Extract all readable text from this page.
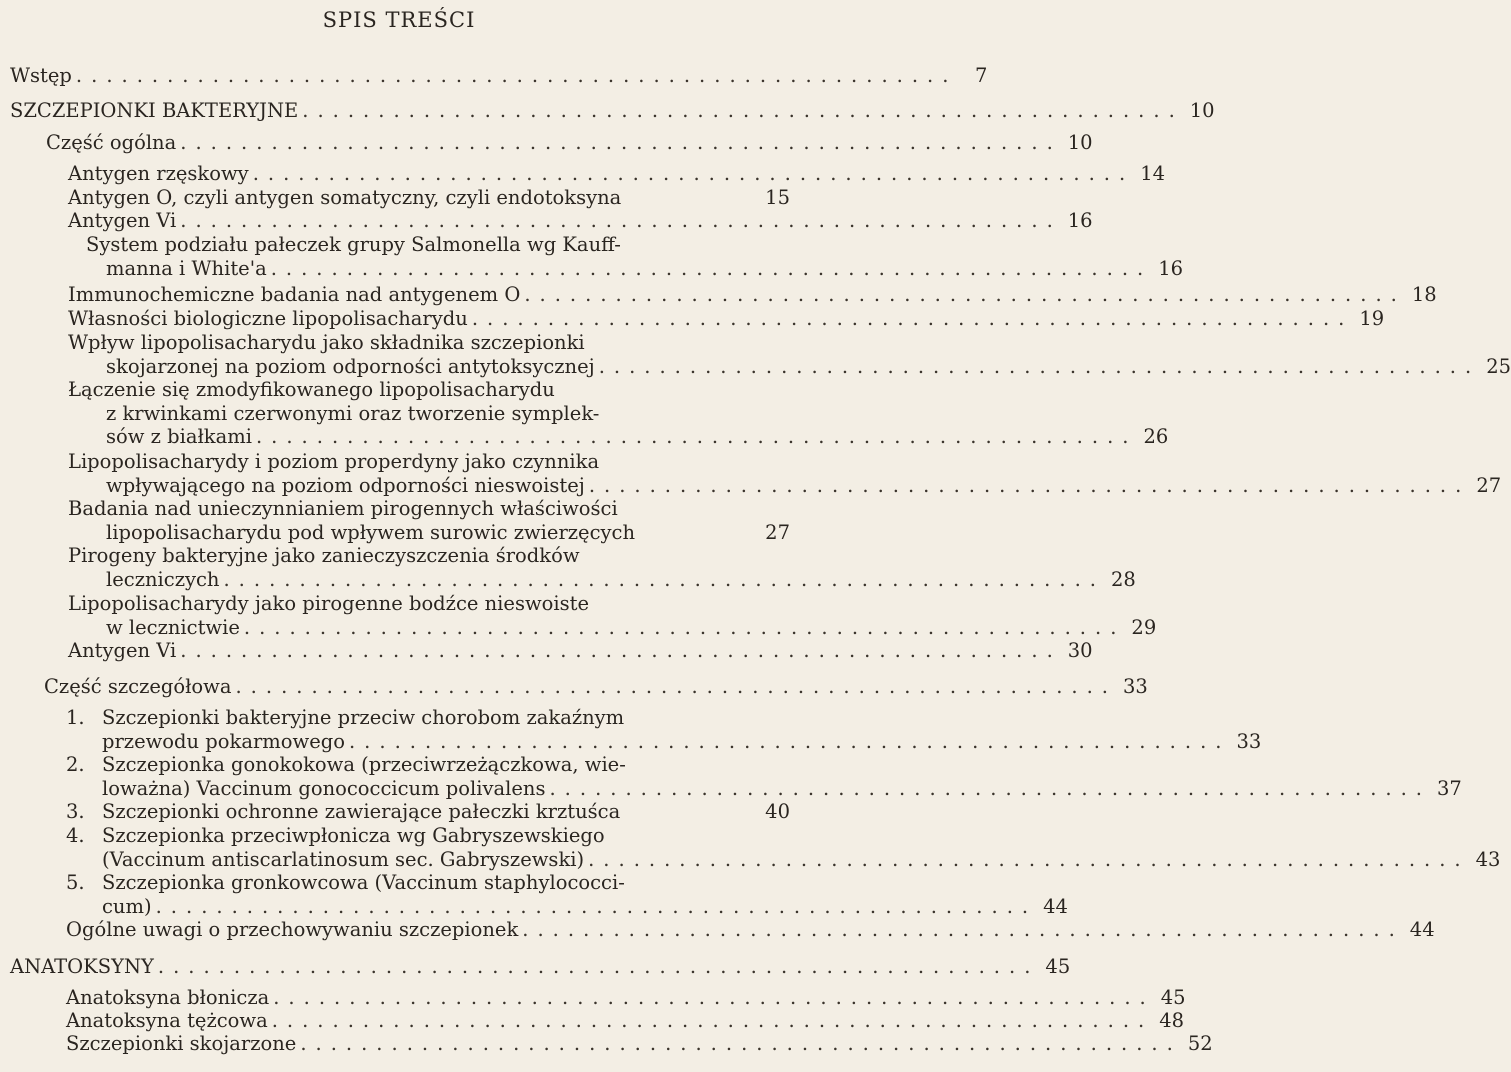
SPIS TREŚCI
Wstęp .......................................................... 7
SZCZEPIONKI BAKTERYJNE .......................................................... 10
Część ogólna .......................................................... 10
Antygen rzęskowy .......................................................... 14
Antygen O, czyli antygen somatyczny, czyli endotoksyna	15
Antygen Vi .......................................................... 16
System podziału pałeczek grupy Salmonella wg Kauff-
manna i White'a .......................................................... 16
Immunochemiczne badania nad antygenem O .......................................................... 18
Własności biologiczne lipopolisacharydu .......................................................... 19
Wpływ lipopolisacharydu jako składnika szczepionki
skojarzonej na poziom odporności antytoksycznej .......................................................... 25
Łączenie się zmodyfikowanego lipopolisacharydu
z krwinkami czerwonymi oraz tworzenie symplek-
sów z białkami .......................................................... 26
Lipopolisacharydy i poziom properdyny jako czynnika
wpływającego na poziom odporności nieswoistej .......................................................... 27
Badania nad unieczynnianiem pirogennych właściwości
lipopolisacharydu pod wpływem surowic zwierzęcych	27
Pirogeny bakteryjne jako zanieczyszczenia środków
leczniczych .......................................................... 28
Lipopolisacharydy jako pirogenne bodźce nieswoiste
w lecznictwie .......................................................... 29
Antygen Vi .......................................................... 30
Część szczegółowa .......................................................... 33
1. Szczepionki bakteryjne przeciw chorobom zakaźnym
przewodu pokarmowego .......................................................... 33
2. Szczepionka gonokokowa (przeciwrzeżączkowa, wie-
loważna) Vaccinum gonococcicum polivalens .......................................................... 37
3. Szczepionki ochronne zawierające pałeczki krztuśca	40
4. Szczepionka przeciwpłonicza wg Gabryszewskiego
(Vaccinum antiscarlatinosum sec. Gabryszewski) .......................................................... 43
5. Szczepionka gronkowcowa (Vaccinum staphylococci-
cum) .......................................................... 44
Ogólne uwagi o przechowywaniu szczepionek .......................................................... 44
ANATOKSYNY .......................................................... 45
Anatoksyna błonicza .......................................................... 45
Anatoksyna tężcowa .......................................................... 48
Szczepionki skojarzone .......................................................... 52
